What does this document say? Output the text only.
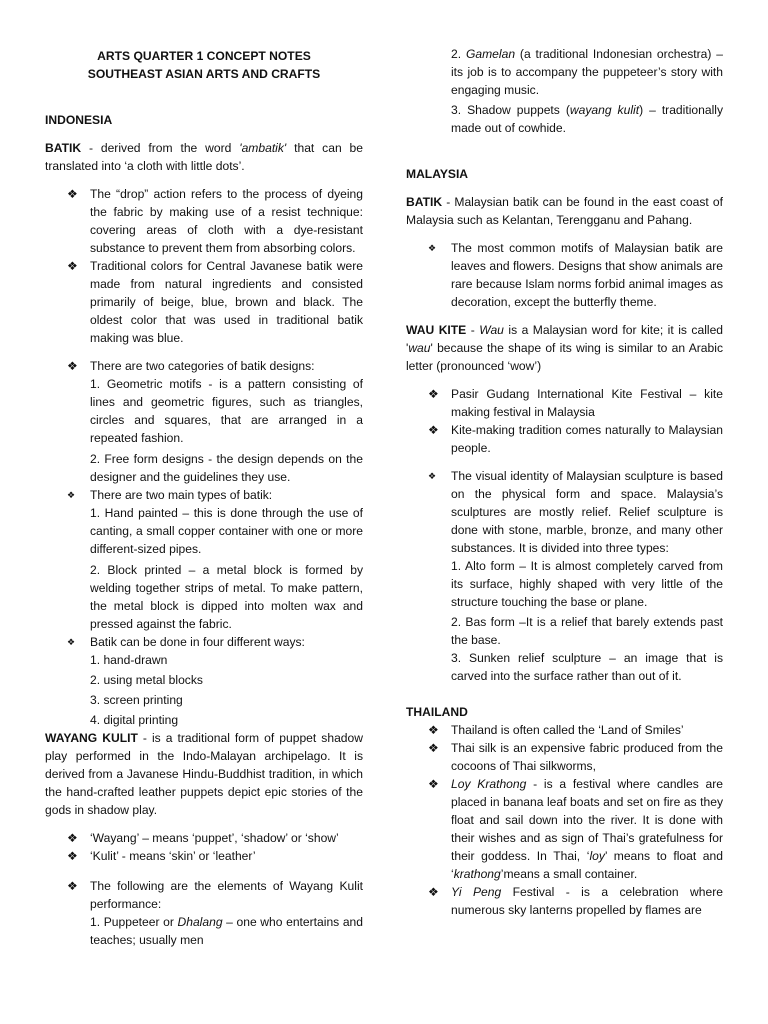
ARTS QUARTER 1 CONCEPT NOTES

SOUTHEAST ASIAN ARTS AND CRAFTS

INDONESIA

BATIK - derived from the word 'ambatik' that can be translated into ‘a cloth with little dots’.

❖ The “drop” action refers to the process of dyeing the fabric by making use of a resist technique: covering areas of cloth with a dye-resistant substance to prevent them from absorbing colors.
❖ Traditional colors for Central Javanese batik were made from natural ingredients and consisted primarily of beige, blue, brown and black. The oldest color that was used in traditional batik making was blue.
❖ There are two categories of batik designs:

1. Geometric motifs - is a pattern consisting of lines and geometric figures, such as triangles, circles and squares, that are arranged in a repeated fashion.

2. Free form designs - the design depends on the designer and the guidelines they use.

❖ There are two main types of batik:

1. Hand painted – this is done through the use of canting, a small copper container with one or more different-sized pipes.

2. Block printed – a metal block is formed by welding together strips of metal. To make pattern, the metal block is dipped into molten wax and pressed against the fabric.

❖ Batik can be done in four different ways:

1. hand-drawn

2. using metal blocks

3. screen printing

4. digital printing

WAYANG KULIT - is a traditional form of puppet shadow play performed in the Indo-Malayan archipelago. It is derived from a Javanese Hindu-Buddhist tradition, in which the hand-crafted leather puppets depict epic stories of the gods in shadow play.

❖ ‘Wayang’ – means ‘puppet’, ‘shadow’ or ‘show’
❖ ‘Kulit’ - means ‘skin’ or ‘leather’
❖ The following are the elements of Wayang Kulit performance:

1. Puppeteer or Dhalang – one who entertains and teaches; usually men

2. Gamelan (a traditional Indonesian orchestra) – its job is to accompany the puppeteer’s story with engaging music.

3. Shadow puppets (wayang kulit) – traditionally made out of cowhide.

MALAYSIA

BATIK - Malaysian batik can be found in the east coast of Malaysia such as Kelantan, Terengganu and Pahang.

❖ The most common motifs of Malaysian batik are leaves and flowers. Designs that show animals are rare because Islam norms forbid animal images as decoration, except the butterfly theme.

WAU KITE - Wau is a Malaysian word for kite; it is called 'wau' because the shape of its wing is similar to an Arabic letter (pronounced ‘wow’)

❖ Pasir Gudang International Kite Festival – kite making festival in Malaysia
❖ Kite-making tradition comes naturally to Malaysian people.
❖ The visual identity of Malaysian sculpture is based on the physical form and space. Malaysia’s sculptures are mostly relief. Relief sculpture is done with stone, marble, bronze, and many other substances. It is divided into three types:

1. Alto form – It is almost completely carved from its surface, highly shaped with very little of the structure touching the base or plane.

2. Bas form –It is a relief that barely extends past the base.

3. Sunken relief sculpture – an image that is carved into the surface rather than out of it.

THAILAND

❖ Thailand is often called the ‘Land of Smiles’
❖ Thai silk is an expensive fabric produced from the cocoons of Thai silkworms,
❖ Loy Krathong - is a festival where candles are placed in banana leaf boats and set on fire as they float and sail down into the river. It is done with their wishes and as sign of Thai’s gratefulness for their goddess. In Thai, ‘loy’ means to float and ‘krathong’means a small container.
❖ Yi Peng Festival - is a celebration where numerous sky lanterns propelled by flames are
